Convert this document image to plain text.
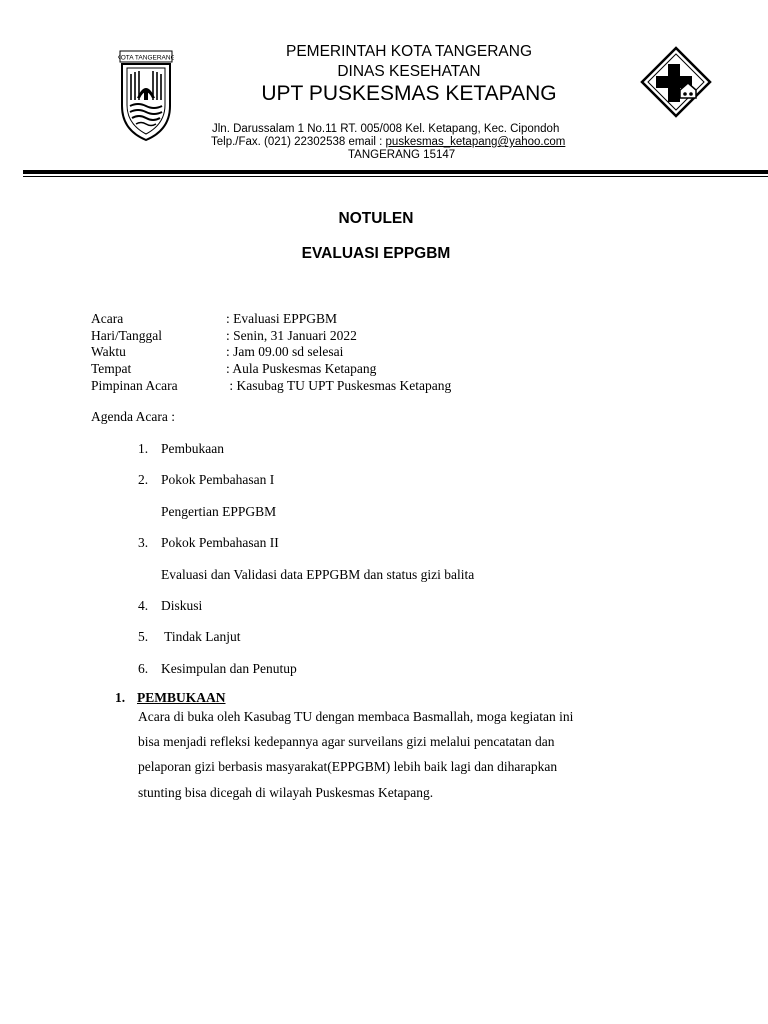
KOTA TANGERANG	PEMERINTAH KOTA TANGERANG
DINAS KESEHATAN
UPT PUSKESMAS KETAPANG
Jln. Darussalam 1 No.11 RT. 005/008 Kel. Ketapang, Kec. Cipondoh
Telp./Fax. (021) 22302538 email : puskesmas_ketapang@yahoo.com
TANGERANG 15147
NOTULEN
EVALUASI EPPGBM
Acara	: Evaluasi EPPGBM
Hari/Tanggal	: Senin, 31 Januari 2022
Waktu	: Jam 09.00 sd selesai
Tempat	: Aula Puskesmas Ketapang
Pimpinan Acara	: Kasubag TU UPT Puskesmas Ketapang
Agenda Acara :
1. Pembukaan
2. Pokok Pembahasan I
Pengertian EPPGBM
3. Pokok Pembahasan II
Evaluasi dan Validasi data EPPGBM dan status gizi balita
4. Diskusi
5. Tindak Lanjut
6. Kesimpulan dan Penutup
1. PEMBUKAAN
Acara di buka oleh Kasubag TU dengan membaca Basmallah, moga kegiatan ini
bisa menjadi refleksi kedepannya agar surveilans gizi melalui pencatatan dan
pelaporan gizi berbasis masyarakat(EPPGBM) lebih baik lagi dan diharapkan
stunting bisa dicegah di wilayah Puskesmas Ketapang.
